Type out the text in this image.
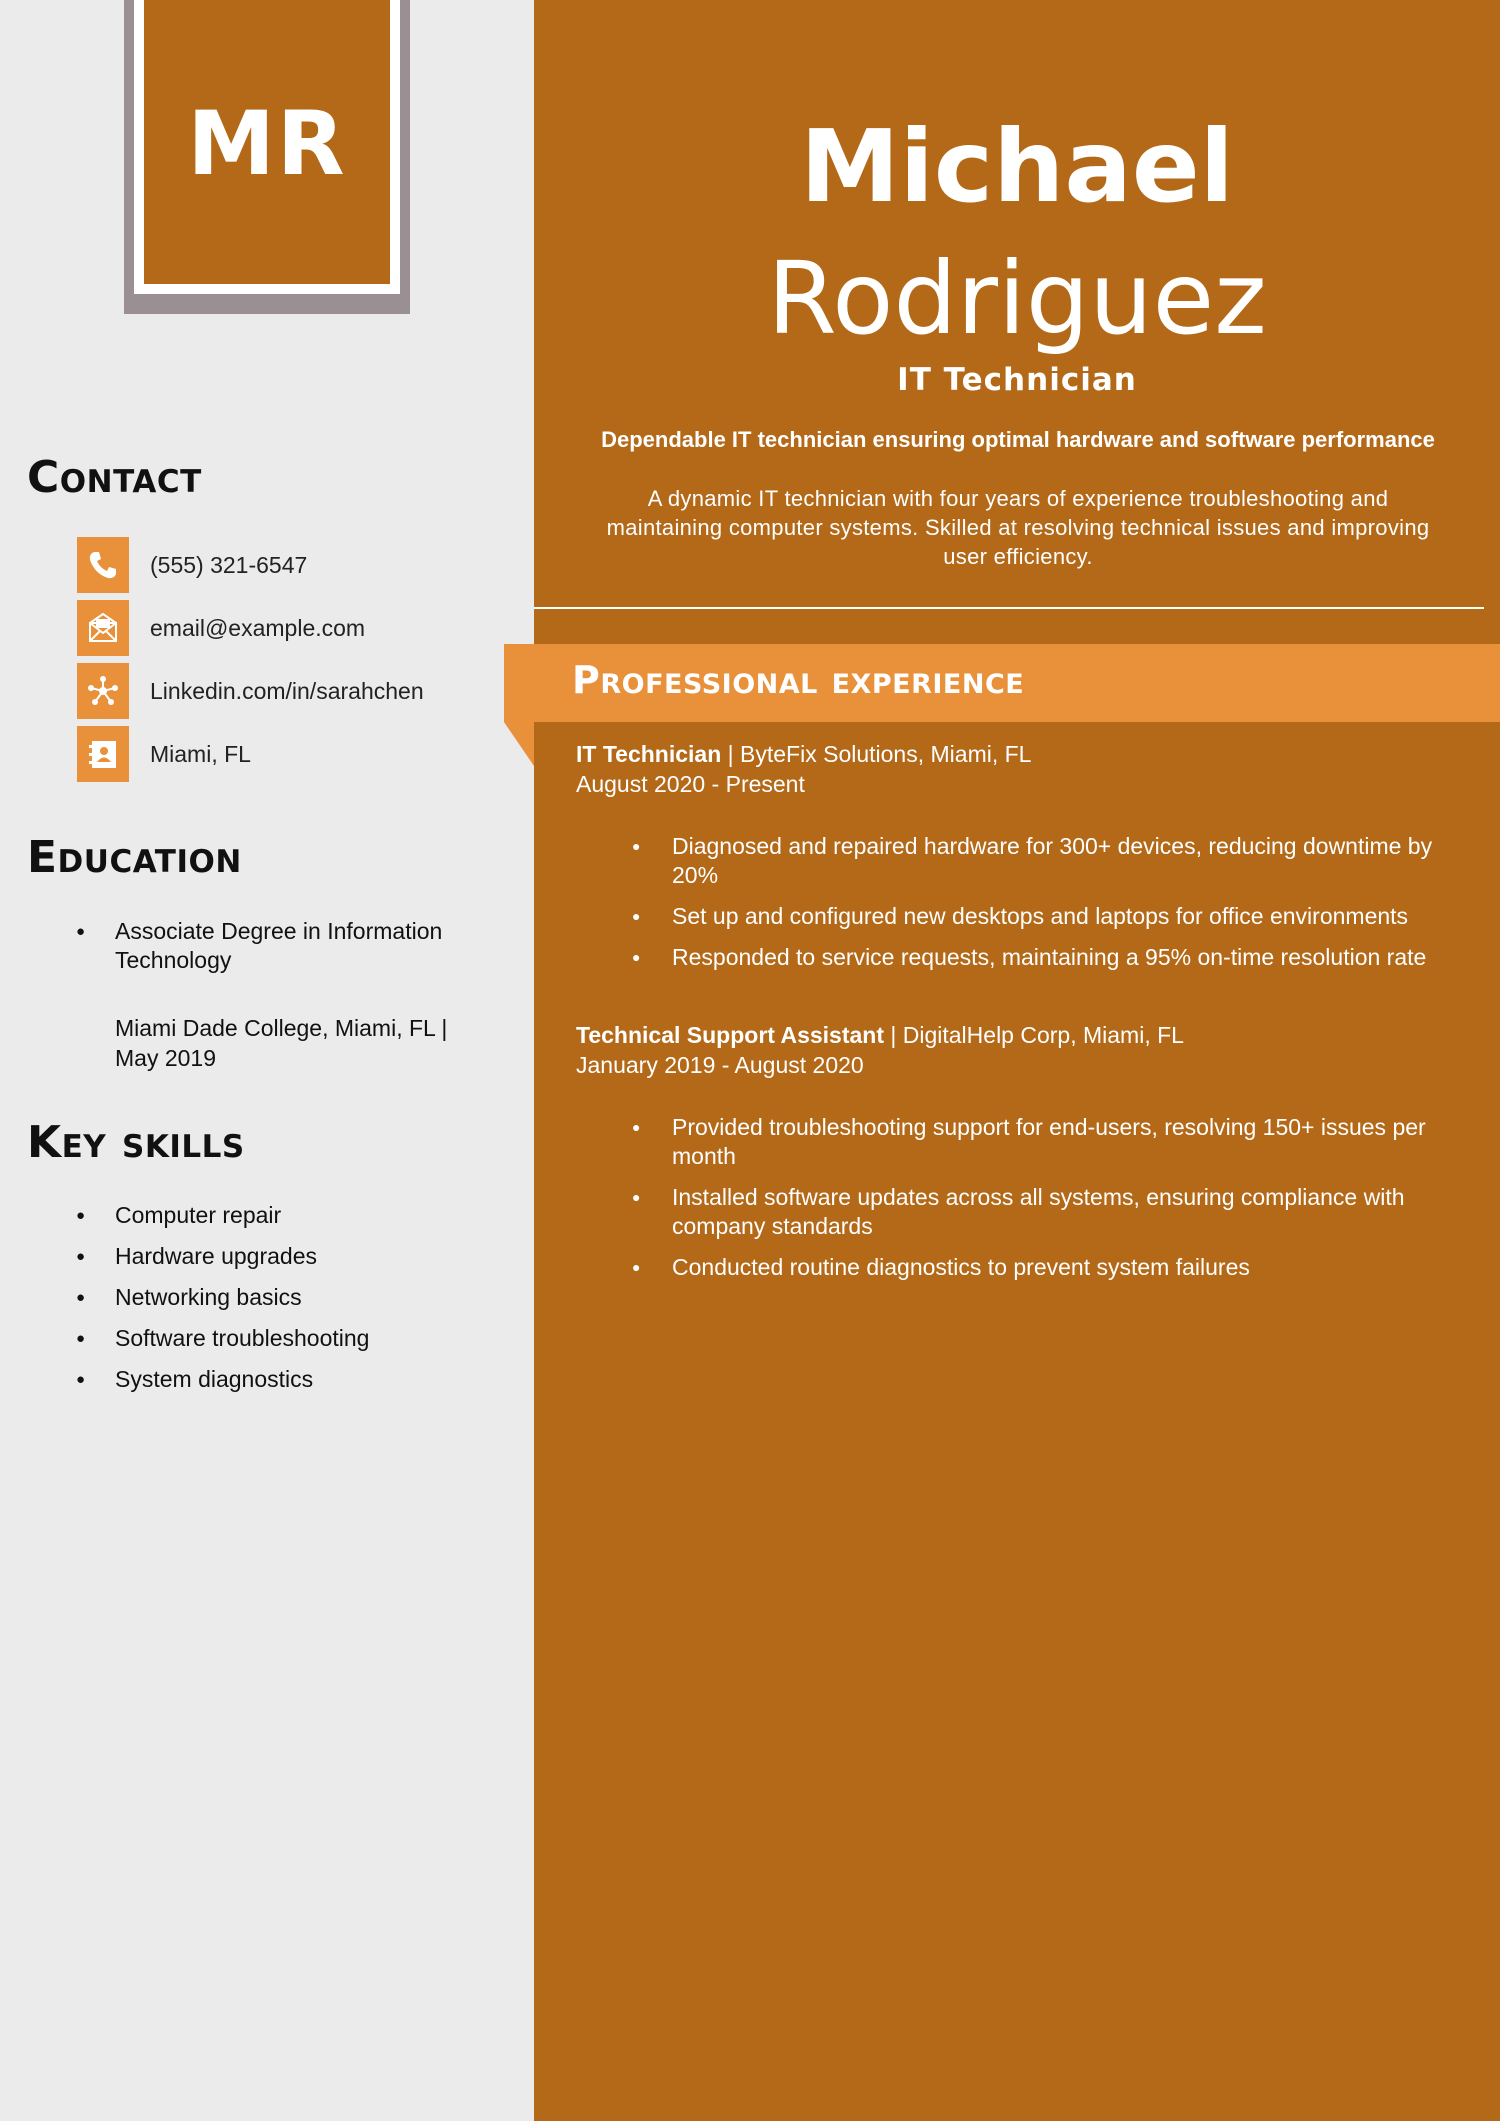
MR
Contact
(555) 321-6547
email@example.com
Linkedin.com/in/sarahchen
Miami, FL
Education
● Associate Degree in Information Technology
Miami Dade College, Miami, FL | May 2019
Key skills
● Computer repair
● Hardware upgrades
● Networking basics
● Software troubleshooting
● System diagnostics
Michael
Rodriguez
IT Technician
Dependable IT technician ensuring optimal hardware and software performance
A dynamic IT technician with four years of experience troubleshooting and maintaining computer systems. Skilled at resolving technical issues and improving user efficiency.
Professional experience
IT Technician | ByteFix Solutions, Miami, FL
August 2020 - Present
● Diagnosed and repaired hardware for 300+ devices, reducing downtime by 20%
● Set up and configured new desktops and laptops for office environments
● Responded to service requests, maintaining a 95% on-time resolution rate
Technical Support Assistant | DigitalHelp Corp, Miami, FL
January 2019 - August 2020
● Provided troubleshooting support for end-users, resolving 150+ issues per month
● Installed software updates across all systems, ensuring compliance with company standards
● Conducted routine diagnostics to prevent system failures
